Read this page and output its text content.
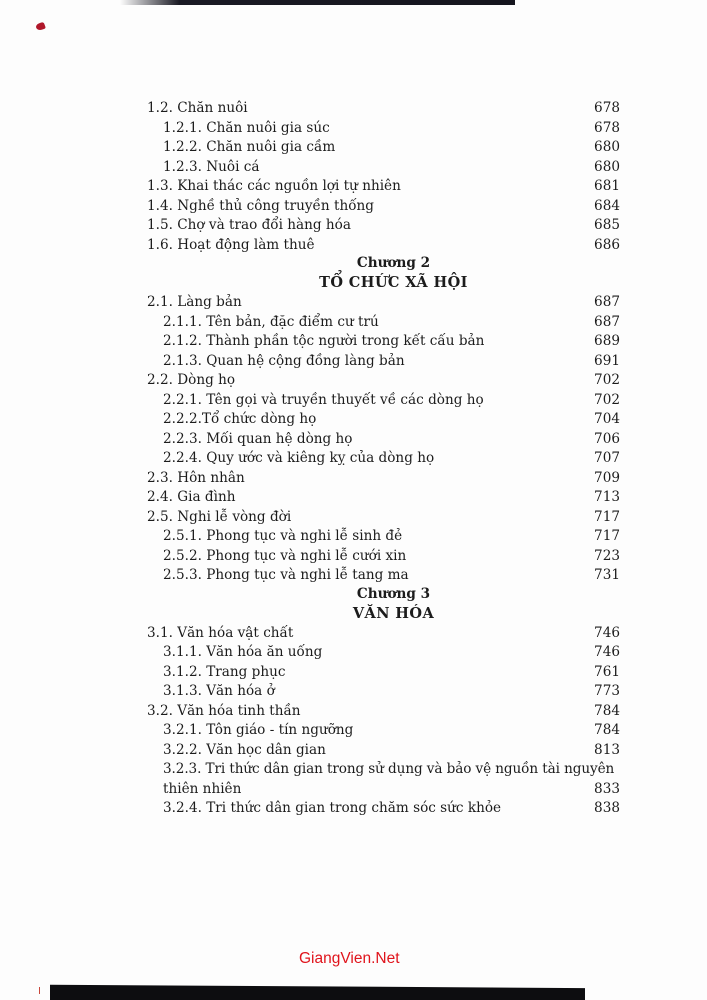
1.2. Chăn nuôi	678
1.2.1. Chăn nuôi gia súc	678
1.2.2. Chăn nuôi gia cầm	680
1.2.3. Nuôi cá	680
1.3. Khai thác các nguồn lợi tự nhiên	681
1.4. Nghề thủ công truyền thống	684
1.5. Chợ và trao đổi hàng hóa	685
1.6. Hoạt động làm thuê	686
Chương 2
TỔ CHỨC XÃ HỘI
2.1. Làng bản	687
2.1.1. Tên bản, đặc điểm cư trú	687
2.1.2. Thành phần tộc người trong kết cấu bản	689
2.1.3. Quan hệ cộng đồng làng bản	691
2.2. Dòng họ	702
2.2.1. Tên gọi và truyền thuyết về các dòng họ	702
2.2.2.Tổ chức dòng họ	704
2.2.3. Mối quan hệ dòng họ	706
2.2.4. Quy ước và kiêng kỵ của dòng họ	707
2.3. Hôn nhân	709
2.4. Gia đình	713
2.5. Nghi lễ vòng đời	717
2.5.1. Phong tục và nghi lễ sinh đẻ	717
2.5.2. Phong tục và nghi lễ cưới xin	723
2.5.3. Phong tục và nghi lễ tang ma	731
Chương 3
VĂN HÓA
3.1. Văn hóa vật chất	746
3.1.1. Văn hóa ăn uống	746
3.1.2. Trang phục	761
3.1.3. Văn hóa ở	773
3.2. Văn hóa tinh thần	784
3.2.1. Tôn giáo - tín ngưỡng	784
3.2.2. Văn học dân gian	813
3.2.3. Tri thức dân gian trong sử dụng và bảo vệ nguồn tài nguyên
thiên nhiên	833
3.2.4. Tri thức dân gian trong chăm sóc sức khỏe	838
GiangVien.Net
